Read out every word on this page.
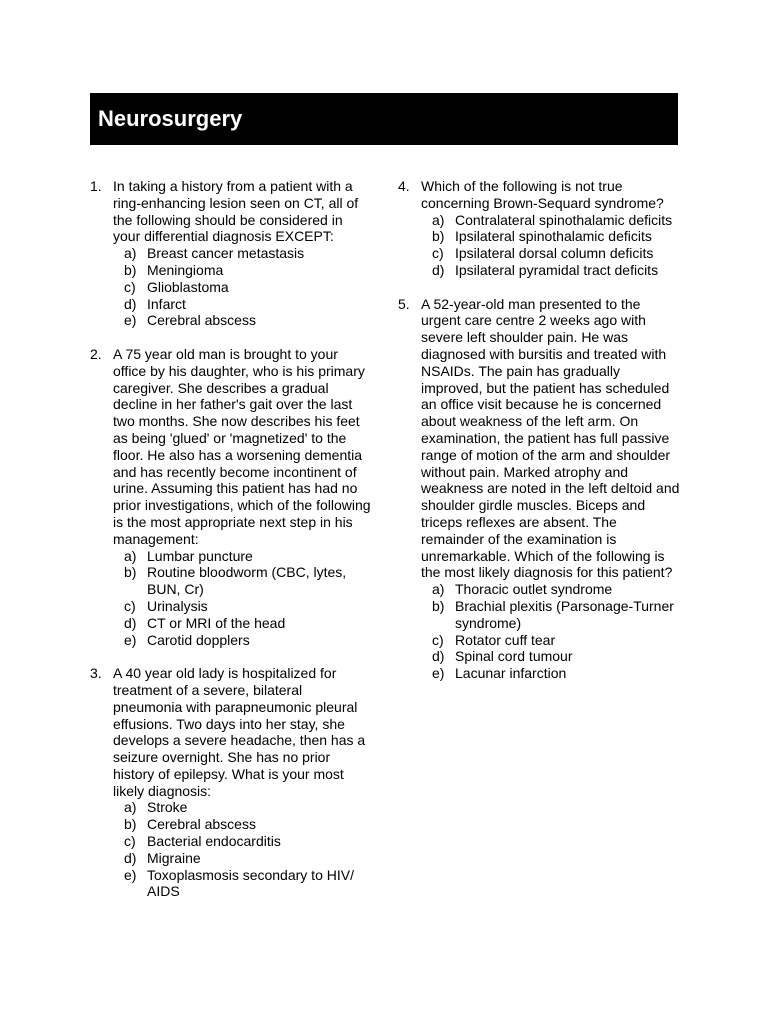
Neurosurgery
1. In taking a history from a patient with a ring-enhancing lesion seen on CT, all of the following should be considered in your differential diagnosis EXCEPT:
a) Breast cancer metastasis
b) Meningioma
c) Glioblastoma
d) Infarct
e) Cerebral abscess
2. A 75 year old man is brought to your office by his daughter, who is his primary caregiver. She describes a gradual decline in her father's gait over the last two months. She now describes his feet as being 'glued' or 'magnetized' to the floor. He also has a worsening dementia and has recently become incontinent of urine. Assuming this patient has had no prior investigations, which of the following is the most appropriate next step in his management:
a) Lumbar puncture
b) Routine bloodworm (CBC, lytes, BUN, Cr)
c) Urinalysis
d) CT or MRI of the head
e) Carotid dopplers
3. A 40 year old lady is hospitalized for treatment of a severe, bilateral pneumonia with parapneumonic pleural effusions. Two days into her stay, she develops a severe headache, then has a seizure overnight. She has no prior history of epilepsy. What is your most likely diagnosis:
a) Stroke
b) Cerebral abscess
c) Bacterial endocarditis
d) Migraine
e) Toxoplasmosis secondary to HIV/ AIDS
4. Which of the following is not true concerning Brown-Sequard syndrome?
a) Contralateral spinothalamic deficits
b) Ipsilateral spinothalamic deficits
c) Ipsilateral dorsal column deficits
d) Ipsilateral pyramidal tract deficits
5. A 52-year-old man presented to the urgent care centre 2 weeks ago with severe left shoulder pain. He was diagnosed with bursitis and treated with NSAIDs. The pain has gradually improved, but the patient has scheduled an office visit because he is concerned about weakness of the left arm. On examination, the patient has full passive range of motion of the arm and shoulder without pain. Marked atrophy and weakness are noted in the left deltoid and shoulder girdle muscles. Biceps and triceps reflexes are absent. The remainder of the examination is unremarkable. Which of the following is the most likely diagnosis for this patient?
a) Thoracic outlet syndrome
b) Brachial plexitis (Parsonage-Turner syndrome)
c) Rotator cuff tear
d) Spinal cord tumour
e) Lacunar infarction
